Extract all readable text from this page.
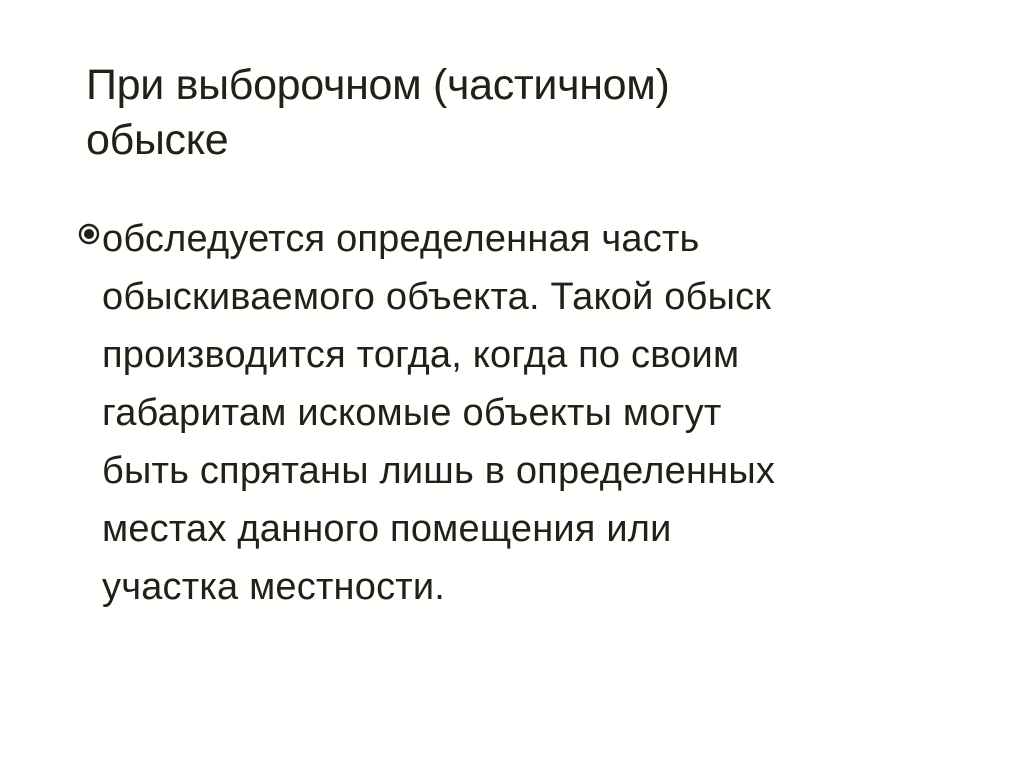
При выборочном (частичном)
обыске

обследуется определенная часть
обыскиваемого объекта. Такой обыск
производится тогда, когда по своим
габаритам искомые объекты могут
быть спрятаны лишь в определенных
местах данного помещения или
участка местности.
